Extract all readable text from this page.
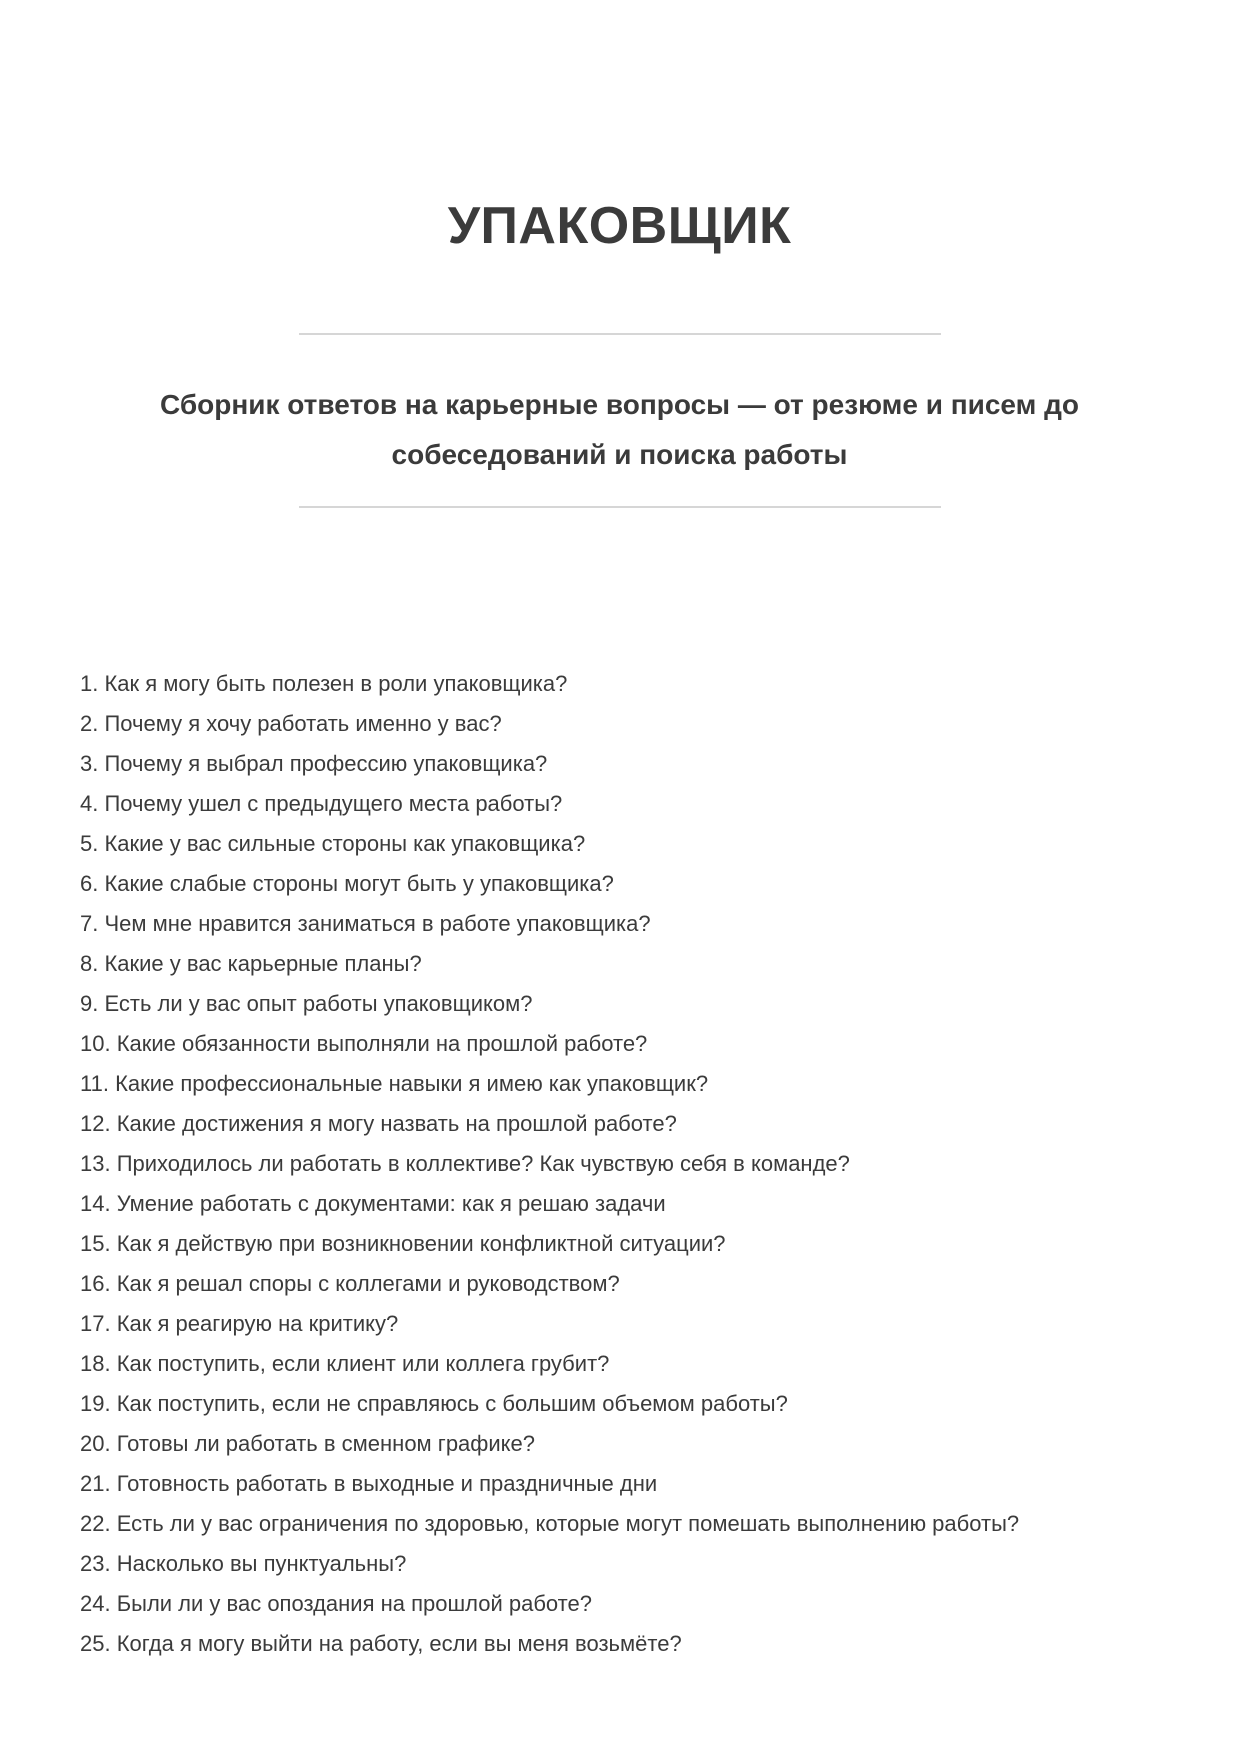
УПАКОВЩИК
Сборник ответов на карьерные вопросы — от резюме и писем до
собеседований и поиска работы
1. Как я могу быть полезен в роли упаковщика?
2. Почему я хочу работать именно у вас?
3. Почему я выбрал профессию упаковщика?
4. Почему ушел с предыдущего места работы?
5. Какие у вас сильные стороны как упаковщика?
6. Какие слабые стороны могут быть у упаковщика?
7. Чем мне нравится заниматься в работе упаковщика?
8. Какие у вас карьерные планы?
9. Есть ли у вас опыт работы упаковщиком?
10. Какие обязанности выполняли на прошлой работе?
11. Какие профессиональные навыки я имею как упаковщик?
12. Какие достижения я могу назвать на прошлой работе?
13. Приходилось ли работать в коллективе? Как чувствую себя в команде?
14. Умение работать с документами: как я решаю задачи
15. Как я действую при возникновении конфликтной ситуации?
16. Как я решал споры с коллегами и руководством?
17. Как я реагирую на критику?
18. Как поступить, если клиент или коллега грубит?
19. Как поступить, если не справляюсь с большим объемом работы?
20. Готовы ли работать в сменном графике?
21. Готовность работать в выходные и праздничные дни
22. Есть ли у вас ограничения по здоровью, которые могут помешать выполнению работы?
23. Насколько вы пунктуальны?
24. Были ли у вас опоздания на прошлой работе?
25. Когда я могу выйти на работу, если вы меня возьмёте?
